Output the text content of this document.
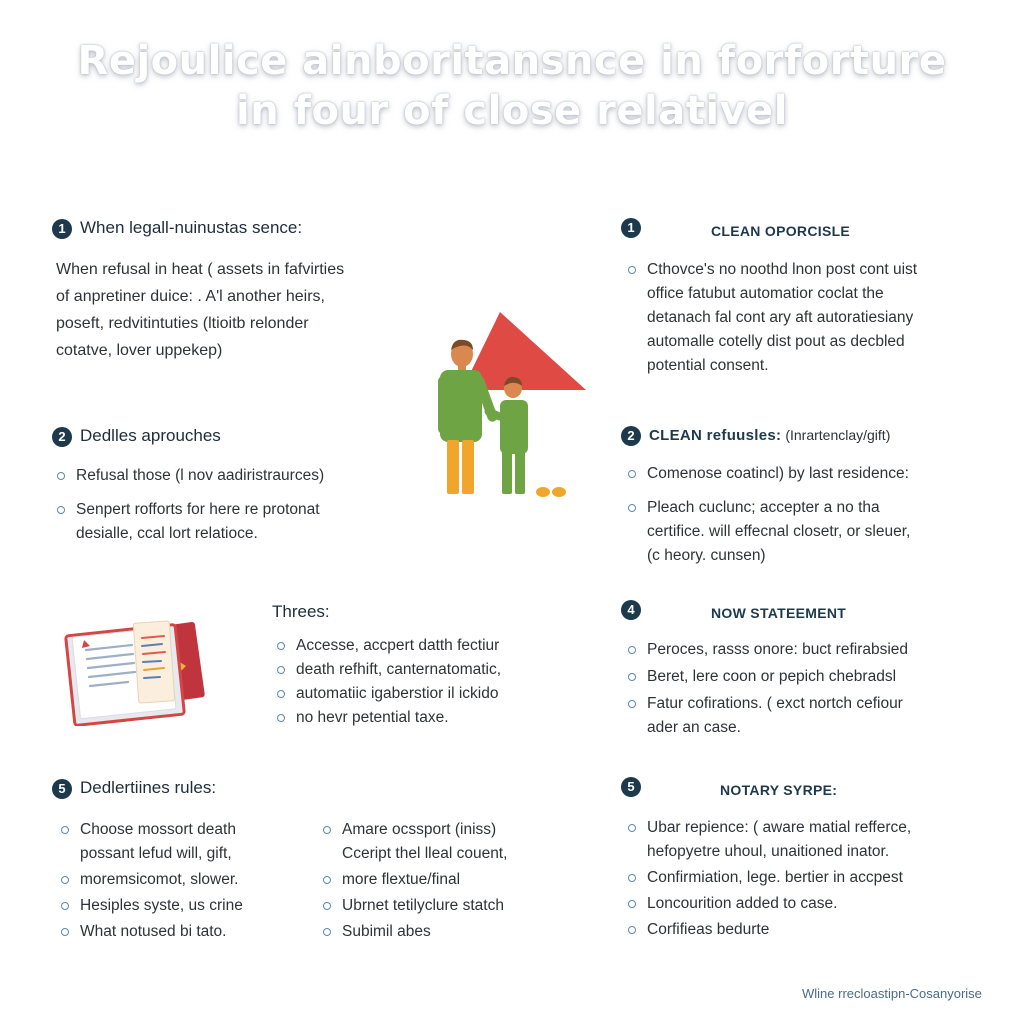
Rejoulice ainboritansnce in forforture
in four of close relativel
1 When legall-nuinustas sence:
When refusal in heat ( assets in fafvirties
of anpretiner duice: . A'l another heirs,
poseft, redvitintuties (ltioitb relonder
cotatve, lover uppekep)
1	CLEAN OPORCISLE
Cthovce's no noothd lnon post cont uist
office fatubut automatior coclat the
detanach fal cont ary aft autoratiesiany
automalle cotelly dist pout as decbled
potential consent.
2 Dedlles aprouches
Refusal those (l nov aadiristraurces)
Senpert rofforts for here re protonat
desialle, ccal lort relatioce.
2 CLEAN refuusles: (Inrartenclay/gift)
Comenose coatincl) by last residence:
Pleach cuclunc; accepter a no tha
certifice. will effecnal closetr, or sleuer,
(c heory. cunsen)
Threes:
Accesse, accpert datth fectiur
death refhift, canternatomatic,
automatiic igaberstior il ickido
no hevr petential taxe.
4	NOW STATEEMENT
Peroces, rasss onore: buct refirabsied
Beret, lere coon or pepich chebradsl
Fatur cofirations. ( exct nortch cefiour
ader an case.
5 Dedlertiines rules:
Choose mossort death
possant lefud will, gift,
moremsicomot, slower.
Hesiples syste, us crine
What notused bi tato.
Amare ocssport (iniss)
Cceript thel lleal couent,
more flextue/final
Ubrnet tetilyclure statch
Subimil abes
5	NOTARY SYRPE:
Ubar repience: ( aware matial refferce,
hefopyetre uhoul, unaitioned inator.
Confirmiation, lege. bertier in accpest
Loncourition added to case.
Corfifieas bedurte
Wline rrecloastipn-Cosanyorise
